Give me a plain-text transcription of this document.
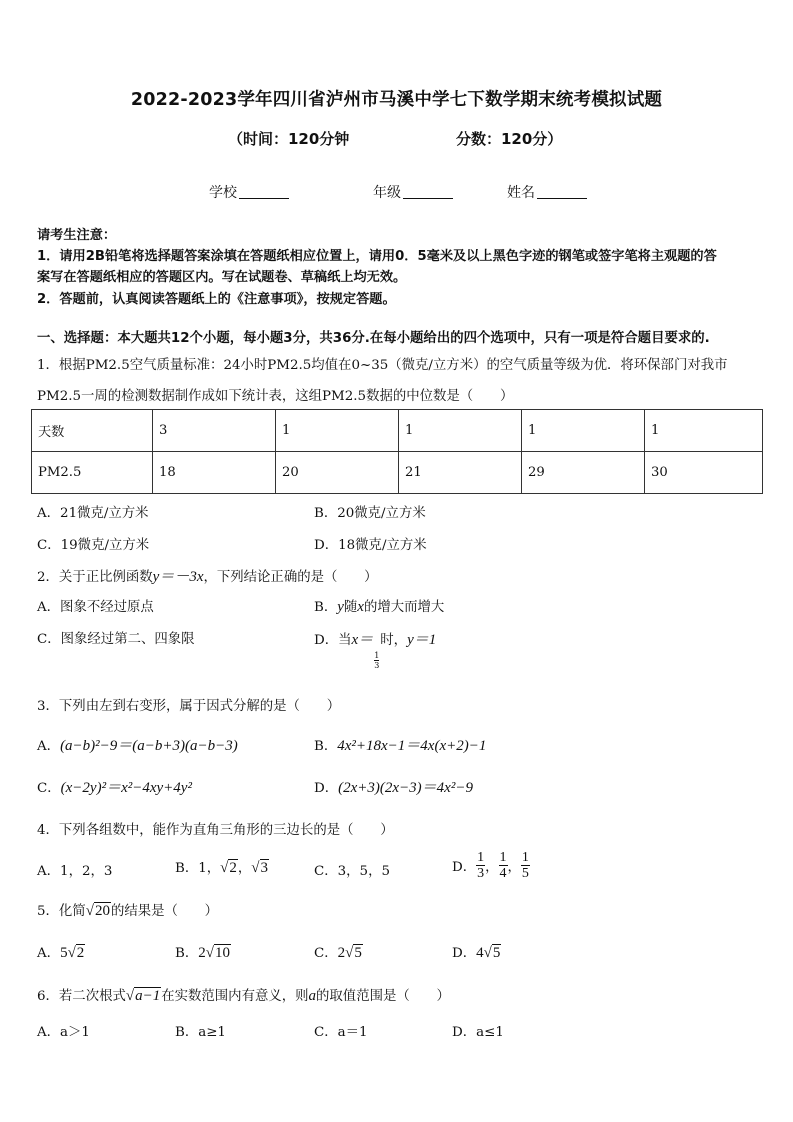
2022-2023学年四川省泸州市马溪中学七下数学期末统考模拟试题
（时间：120分钟	分数：120分）
学校	年级	姓名
请考生注意：
1．请用2B铅笔将选择题答案涂填在答题纸相应位置上，请用0．5毫米及以上黑色字迹的钢笔或签字笔将主观题的答
案写在答题纸相应的答题区内。写在试题卷、草稿纸上均无效。
2．答题前，认真阅读答题纸上的《注意事项》，按规定答题。
一、选择题：本大题共12个小题，每小题3分，共36分.在每小题给出的四个选项中，只有一项是符合题目要求的.
1．根据PM2.5空气质量标准：24小时PM2.5均值在0~35（微克/立方米）的空气质量等级为优．将环保部门对我市
PM2.5一周的检测数据制作成如下统计表，这组PM2.5数据的中位数是（　　）
天数	3	1	1	1	1
PM2.5	18	20	21	29	30
A．21微克/立方米	B．20微克/立方米
C．19微克/立方米	D．18微克/立方米
2．关于正比例函数y＝－3x，下列结论正确的是（　　）
A．图象不经过原点	B．y随x的增大而增大
C．图象经过第二、四象限	D．当x＝
$\frac{1}{3}$
时，y＝1
3．下列由左到右变形，属于因式分解的是（　　）
A．(a−b)²−9＝(a−b+3)(a−b−3)	B．4x²+18x−1＝4x(x+2)−1
C．(x−2y)²＝x²−4xy+4y²	D．(2x+3)(2x−3)＝4x²−9
4．下列各组数中，能作为直角三角形的三边长的是（　　）
A．1，2，3	B．1，√2，√3	C．3，5，5	D． $\frac{1}{3}$ ， $\frac{1}{4}$ ， $\frac{1}{5}$
5．化简√20的结果是（　　）
A．5√2	B．2√10	C．2√5	D．4√5
6．若二次根式√a−1在实数范围内有意义，则a的取值范围是（　　）
A．a＞1	B．a≥1	C．a＝1	D．a≤1
